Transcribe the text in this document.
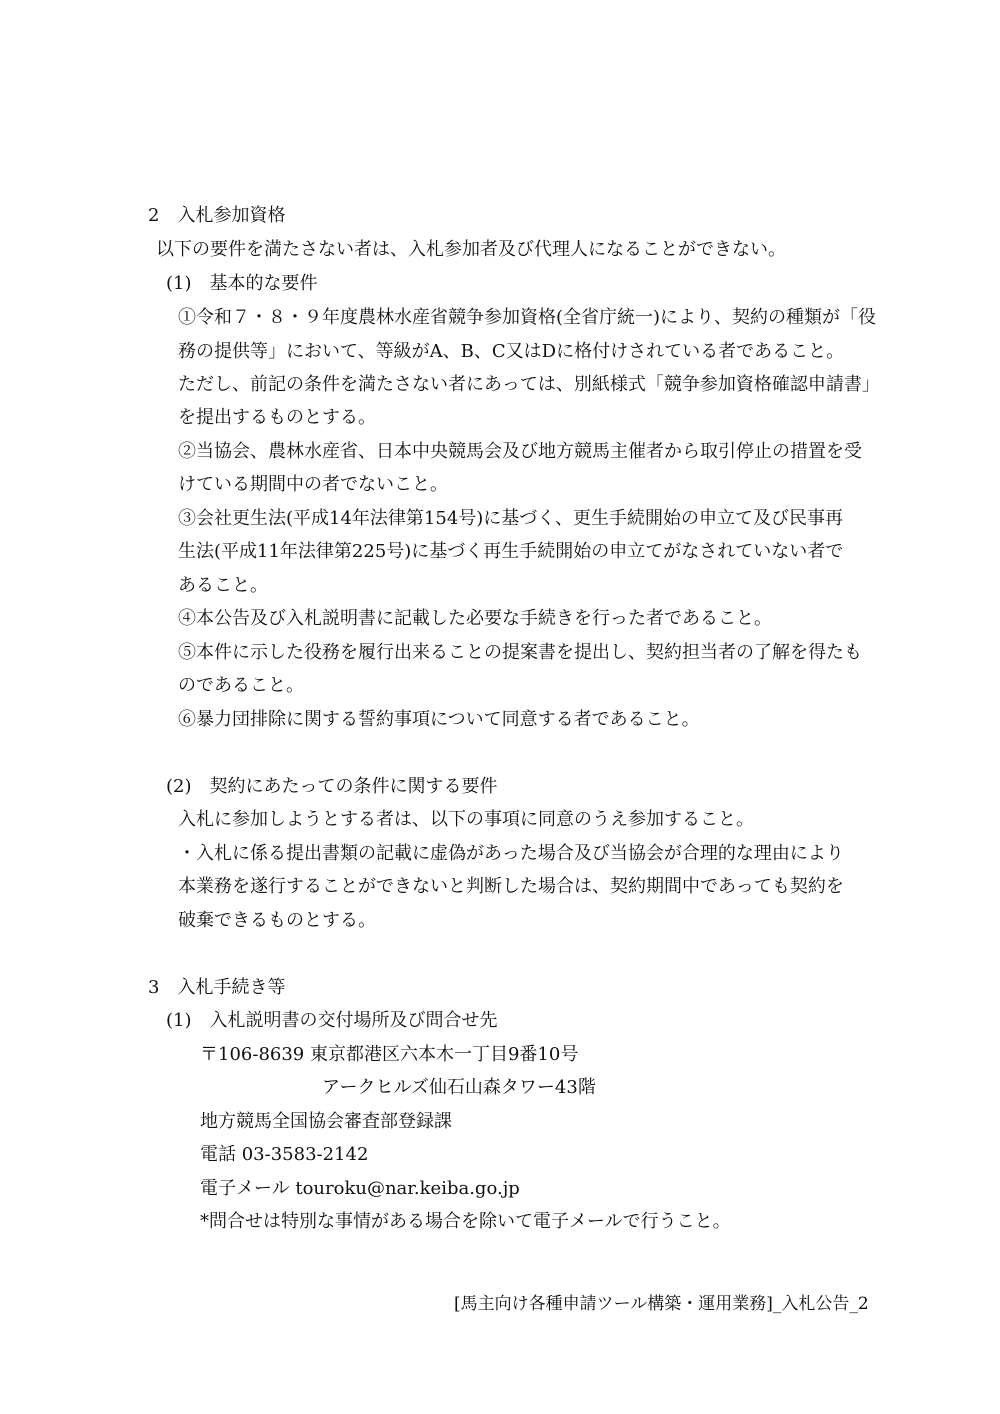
2　入札参加資格
以下の要件を満たさない者は、入札参加者及び代理人になることができない。
(1)　基本的な要件
①令和７・８・９年度農林水産省競争参加資格(全省庁統一)により、契約の種類が「役
務の提供等」において、等級がA、B、C又はDに格付けされている者であること。
ただし、前記の条件を満たさない者にあっては、別紙様式「競争参加資格確認申請書」
を提出するものとする。
②当協会、農林水産省、日本中央競馬会及び地方競馬主催者から取引停止の措置を受
けている期間中の者でないこと。
③会社更生法(平成14年法律第154号)に基づく、更生手続開始の申立て及び民事再
生法(平成11年法律第225号)に基づく再生手続開始の申立てがなされていない者で
あること。
④本公告及び入札説明書に記載した必要な手続きを行った者であること。
⑤本件に示した役務を履行出来ることの提案書を提出し、契約担当者の了解を得たも
のであること。
⑥暴力団排除に関する誓約事項について同意する者であること。
(2)　契約にあたっての条件に関する要件
入札に参加しようとする者は、以下の事項に同意のうえ参加すること。
・入札に係る提出書類の記載に虚偽があった場合及び当協会が合理的な理由により
本業務を遂行することができないと判断した場合は、契約期間中であっても契約を
破棄できるものとする。
3　入札手続き等
(1)　入札説明書の交付場所及び問合せ先
〒106-8639 東京都港区六本木一丁目9番10号
アークヒルズ仙石山森タワー43階
地方競馬全国協会審査部登録課
電話 03-3583-2142
電子メール touroku@nar.keiba.go.jp
*問合せは特別な事情がある場合を除いて電子メールで行うこと。
[馬主向け各種申請ツール構築・運用業務]_入札公告_2
